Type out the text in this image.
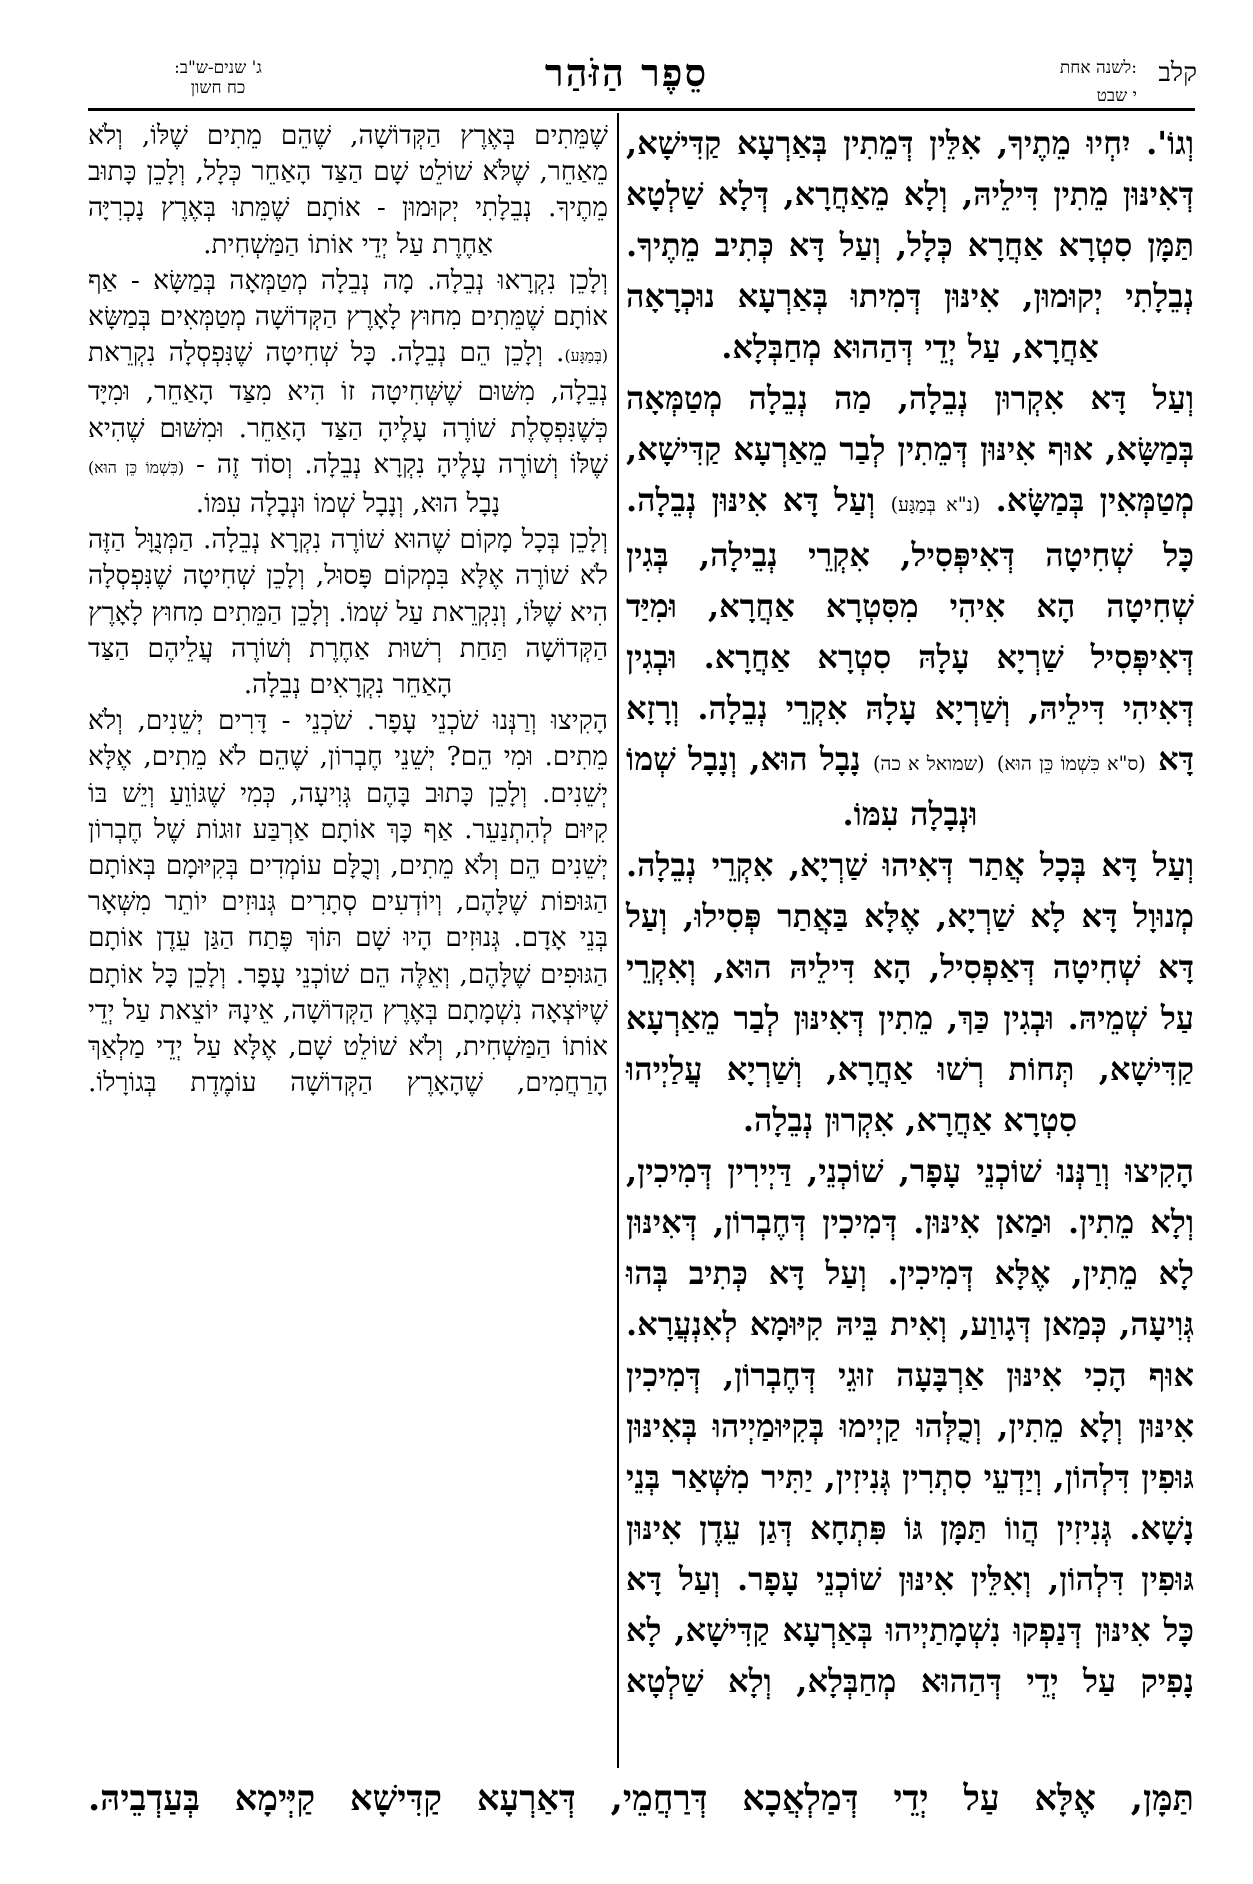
קלב
לשנה אחת:
י שבט
סֵפֶר הַזֹּהַר
ג' שנים-ש"ב:
כח חשון

וְגוֹ'. יִחְיוּ מֵתֶיךָ, אִלֵּין דְּמֵתִין בְּאַרְעָא קַדִּישָׁא, דְּאִינּוּן מֵתִין דִּילֵיהּ, וְלָא מֵאַחֲרָא, דְּלָא שַׁלְטָא תַּמָּן סִטְרָא אַחֲרָא כְּלָל, וְעַל דָּא כְּתִיב מֵתֶיךָ. נְבֵלָתִי יְקוּמוּן, אִינּוּן דְּמִיתוּ בְּאַרְעָא נוּכְרָאָה אַחֲרָא, עַל יְדֵי דְּהַהוּא מְחַבְּלָא.

וְעַל דָּא אִקְרוּן נְבֵלָה, מַה נְבֵלָה מְטַמְּאָה בְּמַשָּׂא, אוּף אִינּוּן דְּמֵתִין לְבַר מֵאַרְעָא קַדִּישָׁא, מְטַמְּאִין בְּמַשָּׂא. (נ"א בְּמַגָּע) וְעַל דָּא אִינּוּן נְבֵלָה. כָּל שְׁחִיטָה דְּאִיפְּסִיל, אִקְרֵי נְבֵילָה, בְּגִין שְׁחִיטָה הָא אִיהִי מִסִּטְרָא אַחֲרָא, וּמִיַּד דְּאִיפְּסִיל שַׁרְיָא עָלָהּ סִטְרָא אַחֲרָא. וּבְגִין דְּאִיהִי דִּילֵיהּ, וְשַׁרְיָא עָלָהּ אִקְרֵי נְבֵלָה. וְרָזָא דָּא (ס"א כִּשְׁמוֹ כֵּן הוּא) (שמואל א כה) נָבָל הוּא, וְנָבָל שְׁמוֹ וּנְבָלָה עִמּוֹ.

וְעַל דָּא בְּכָל אֲתַר דְּאִיהוּ שַׁרְיָא, אִקְרֵי נְבֵלָה. מְנוּוָל דָּא לָא שַׁרְיָא, אֶלָּא בַּאֲתַר פְּסִילוּ, וְעַל דָּא שְׁחִיטָה דְּאַפְסִיל, הָא דִּילֵיהּ הוּא, וְאִקְרֵי עַל שְׁמֵיהּ. וּבְגִין כַּךְ, מֵתִין דְּאִינּוּן לְבַר מֵאַרְעָא קַדִּישָׁא, תְּחוֹת רְשׁוּ אַחֲרָא, וְשַׁרְיָא עֲלַיְיהוּ סִטְרָא אַחֲרָא, אִקְרוּן נְבֵלָה.

הָקִיצוּ וְרַנְּנוּ שׁוֹכְנֵי עָפָר, שׁוֹכְנֵי, דַּיְירִין דְּמִיכִין, וְלָא מֵתִין. וּמַאן אִינּוּן. דְּמִיכִין דְּחֶבְרוֹן, דְּאִינּוּן לָא מֵתִין, אֶלָּא דְּמִיכִין. וְעַל דָּא כְּתִיב בְּהוּ גְּוִיעָה, כְּמַאן דְּגָווַע, וְאִית בֵּיהּ קִיּוּמָא לְאִנְעֲרָא. אוּף הָכִי אִינּוּן אַרְבָּעָה זוּגֵי דְּחֶבְרוֹן, דְּמִיכִין אִינּוּן וְלָא מֵתִין, וְכֻלְּהוּ קַיְימוּ בְּקִיּוּמַיְיהוּ בְּאִינּוּן גּוּפִין דִּלְהוֹן, וְיַדְעֵי סִתְרִין גְּנִיזִין, יַתִּיר מִשְּׁאַר בְּנֵי נָשָׁא. גְּנִיזִין הֲווֹ תַּמָּן גּוֹ פִּתְחָא דְּגַן עֵדֶן אִינּוּן גּוּפִין דִּלְהוֹן, וְאִלֵּין אִינּוּן שׁוֹכְנֵי עָפָר. וְעַל דָּא כָּל אִינּוּן דְּנַפְקוּ נִשְׁמָתַיְיהוּ בְּאַרְעָא קַדִּישָׁא, לָא נָפִיק עַל יְדֵי דְּהַהוּא מְחַבְּלָא, וְלָא שַׁלְטָא

שֶׁמֵּתִים בְּאֶרֶץ הַקְּדוֹשָׁה, שֶׁהֵם מֵתִים שֶׁלּוֹ, וְלֹא מֵאַחֵר, שֶׁלֹּא שׁוֹלֵט שָׁם הַצַּד הָאַחֵר כְּלָל, וְלָכֵן כָּתוּב מֵתֶיךָ. נְבֵלָתִי יְקוּמוּן - אוֹתָם שֶׁמֵּתוּ בְּאֶרֶץ נָכְרִיָּה אַחֶרֶת עַל יְדֵי אוֹתוֹ הַמַּשְׁחִית.

וְלָכֵן נִקְרָאוּ נְבֵלָה. מָה נְבֵלָה מְטַמְּאָה בְּמַשָּׂא - אַף אוֹתָם שֶׁמֵּתִים מִחוּץ לָאָרֶץ הַקְּדוֹשָׁה מְטַמְּאִים בְּמַשָּׂא (בְּמַגָּע). וְלָכֵן הֵם נְבֵלָה. כָּל שְׁחִיטָה שֶׁנִּפְסְלָה נִקְרֵאת נְבֵלָה, מִשּׁוּם שֶׁשְּׁחִיטָה זוֹ הִיא מִצַּד הָאַחֵר, וּמִיָּד כְּשֶׁנִּפְסֶלֶת שׁוֹרֶה עָלֶיהָ הַצַּד הָאַחֵר. וּמִשּׁוּם שֶׁהִיא שֶׁלּוֹ וְשׁוֹרֶה עָלֶיהָ נִקְרָא נְבֵלָה. וְסוֹד זֶה - (כִּשְׁמוֹ כֵּן הוּא) נָבָל הוּא, וְנָבָל שְׁמוֹ וּנְבָלָה עִמּוֹ.

וְלָכֵן בְּכָל מָקוֹם שֶׁהוּא שׁוֹרֶה נִקְרָא נְבֵלָה. הַמְּנֻוָּל הַזֶּה לֹא שׁוֹרֶה אֶלָּא בִּמְקוֹם פָּסוּל, וְלָכֵן שְׁחִיטָה שֶׁנִּפְסְלָה הִיא שֶׁלּוֹ, וְנִקְרֵאת עַל שְׁמוֹ. וְלָכֵן הַמֵּתִים מִחוּץ לָאָרֶץ הַקְּדוֹשָׁה תַּחַת רְשׁוּת אַחֶרֶת וְשׁוֹרֶה עֲלֵיהֶם הַצַּד הָאַחֵר נִקְרָאִים נְבֵלָה.

הָקִיצוּ וְרַנְּנוּ שֹׁכְנֵי עָפָר. שֹׁכְנֵי - דָּרִים יְשֵׁנִים, וְלֹא מֵתִים. וּמִי הֵם? יְשֵׁנֵי חֶבְרוֹן, שֶׁהֵם לֹא מֵתִים, אֶלָּא יְשֵׁנִים. וְלָכֵן כָּתוּב בָּהֶם גְּוִיעָה, כְּמִי שֶׁגּוֹוֵעַ וְיֵשׁ בּוֹ קִיּוּם לְהִתְנַעֵר. אַף כָּךְ אוֹתָם אַרְבַּע זוּגוֹת שֶׁל חֶבְרוֹן יְשֵׁנִים הֵם וְלֹא מֵתִים, וְכֻלָּם עוֹמְדִים בְּקִיּוּמָם בְּאוֹתָם הַגּוּפוֹת שֶׁלָּהֶם, וְיוֹדְעִים סְתָרִים גְּנוּזִים יוֹתֵר מִשְּׁאָר בְּנֵי אָדָם. גְּנוּזִים הָיוּ שָׁם תּוֹךְ פֶּתַח הַגַּן עֵדֶן אוֹתָם הַגּוּפִים שֶׁלָּהֶם, וְאֵלֶּה הֵם שׁוֹכְנֵי עָפָר. וְלָכֵן כָּל אוֹתָם שֶׁיּוֹצְאָה נִשְׁמָתָם בְּאֶרֶץ הַקְּדוֹשָׁה, אֵינָהּ יוֹצֵאת עַל יְדֵי אוֹתוֹ הַמַּשְׁחִית, וְלֹא שׁוֹלֵט שָׁם, אֶלָּא עַל יְדֵי מַלְאַךְ הָרַחֲמִים, שֶׁהָאָרֶץ הַקְּדוֹשָׁה עוֹמֶדֶת בְּגוֹרָלוֹ.

תַּמָּן, אֶלָּא עַל יְדֵי דְּמַלְאֲכָא דְּרַחֲמֵי, דְּאַרְעָא קַדִּישָׁא קַיְּימָא בְּעַדְבֵיהּ.
